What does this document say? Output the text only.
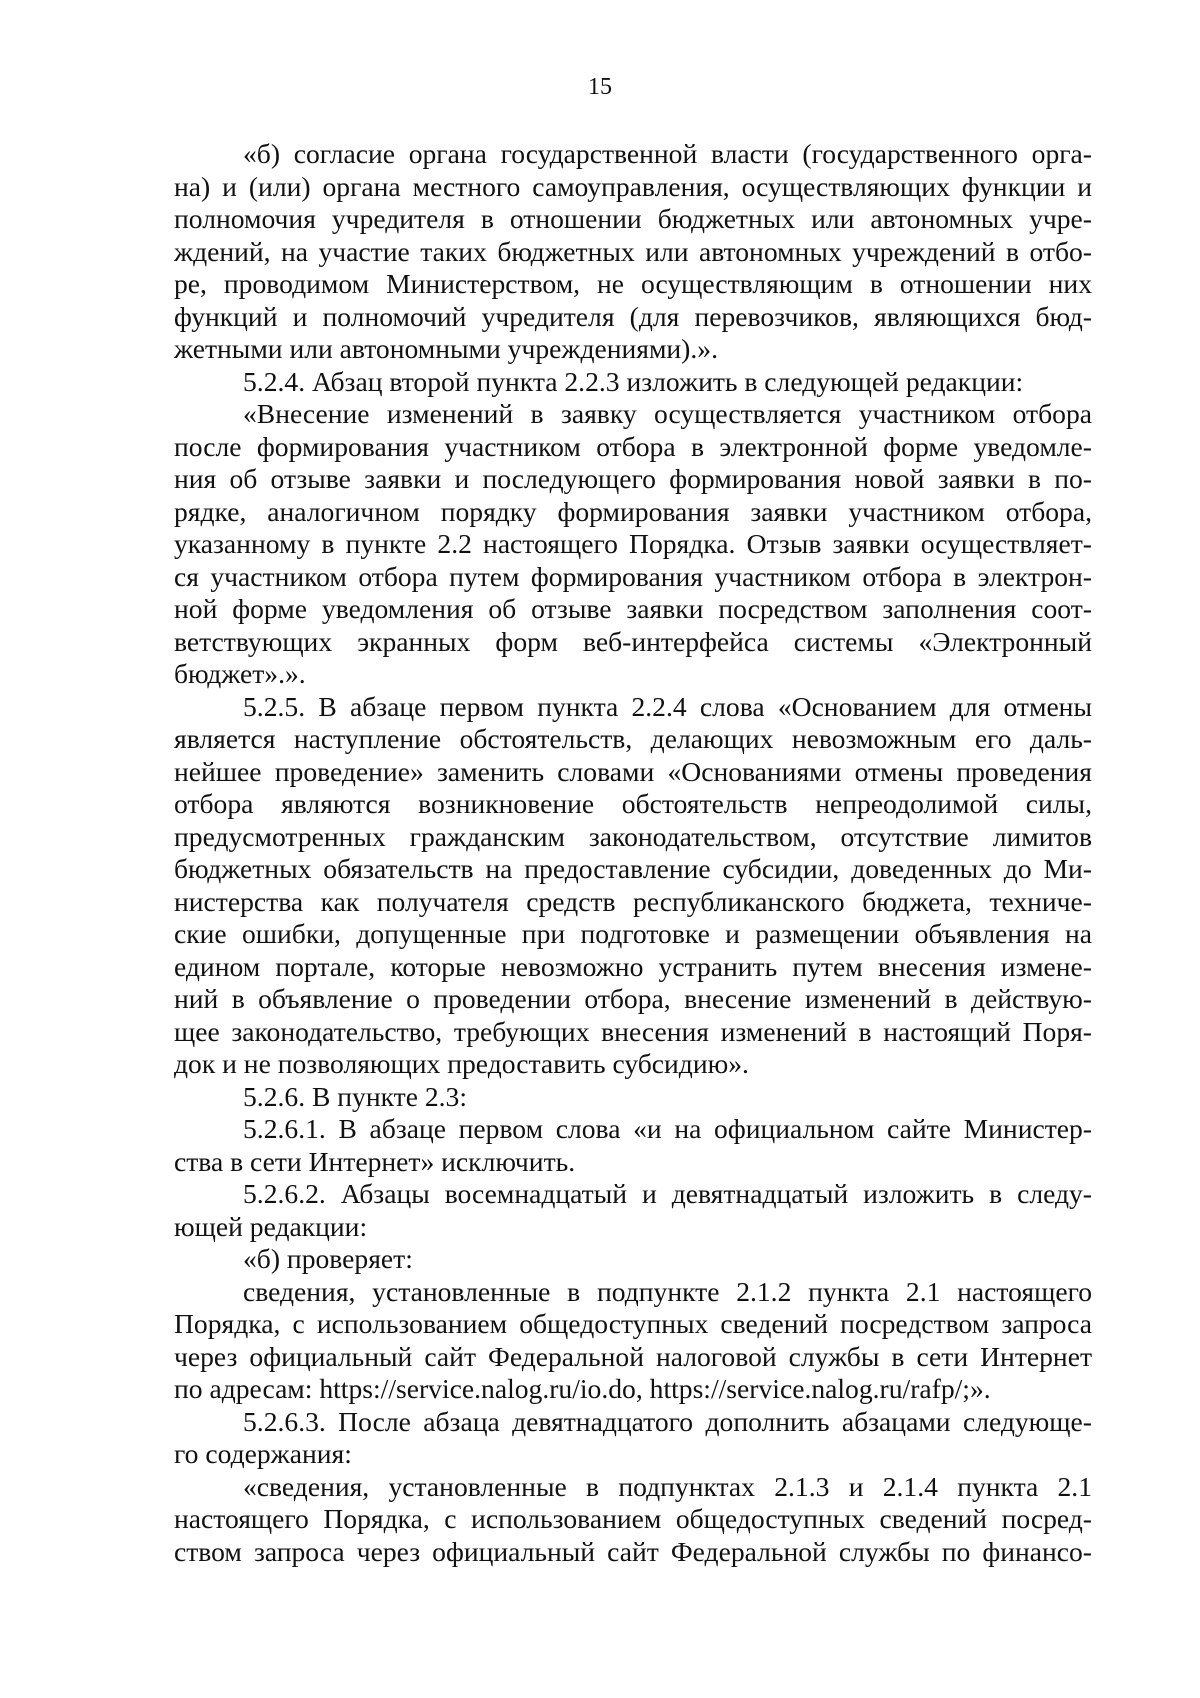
15
«б) согласие органа государственной власти (государственного орга-
на) и (или) органа местного самоуправления, осуществляющих функции и
полномочия учредителя в отношении бюджетных или автономных учре-
ждений, на участие таких бюджетных или автономных учреждений в отбо-
ре, проводимом Министерством, не осуществляющим в отношении них
функций и полномочий учредителя (для перевозчиков, являющихся бюд-
жетными или автономными учреждениями).».
5.2.4. Абзац второй пункта 2.2.3 изложить в следующей редакции:
«Внесение изменений в заявку осуществляется участником отбора
после формирования участником отбора в электронной форме уведомле-
ния об отзыве заявки и последующего формирования новой заявки в по-
рядке, аналогичном порядку формирования заявки участником отбора,
указанному в пункте 2.2 настоящего Порядка. Отзыв заявки осуществляет-
ся участником отбора путем формирования участником отбора в электрон-
ной форме уведомления об отзыве заявки посредством заполнения соот-
ветствующих экранных форм веб-интерфейса системы «Электронный
бюджет».».
5.2.5. В абзаце первом пункта 2.2.4 слова «Основанием для отмены
является наступление обстоятельств, делающих невозможным его даль-
нейшее проведение» заменить словами «Основаниями отмены проведения
отбора являются возникновение обстоятельств непреодолимой силы,
предусмотренных гражданским законодательством, отсутствие лимитов
бюджетных обязательств на предоставление субсидии, доведенных до Ми-
нистерства как получателя средств республиканского бюджета, техниче-
ские ошибки, допущенные при подготовке и размещении объявления на
едином портале, которые невозможно устранить путем внесения измене-
ний в объявление о проведении отбора, внесение изменений в действую-
щее законодательство, требующих внесения изменений в настоящий Поря-
док и не позволяющих предоставить субсидию».
5.2.6. В пункте 2.3:
5.2.6.1. В абзаце первом слова «и на официальном сайте Министер-
ства в сети Интернет» исключить.
5.2.6.2. Абзацы восемнадцатый и девятнадцатый изложить в следу-
ющей редакции:
«б) проверяет:
сведения, установленные в подпункте 2.1.2 пункта 2.1 настоящего
Порядка, с использованием общедоступных сведений посредством запроса
через официальный сайт Федеральной налоговой службы в сети Интернет
по адресам: https://service.nalog.ru/io.do, https://service.nalog.ru/rafp/;».
5.2.6.3. После абзаца девятнадцатого дополнить абзацами следующе-
го содержания:
«сведения, установленные в подпунктах 2.1.3 и 2.1.4 пункта 2.1
настоящего Порядка, с использованием общедоступных сведений посред-
ством запроса через официальный сайт Федеральной службы по финансо-
